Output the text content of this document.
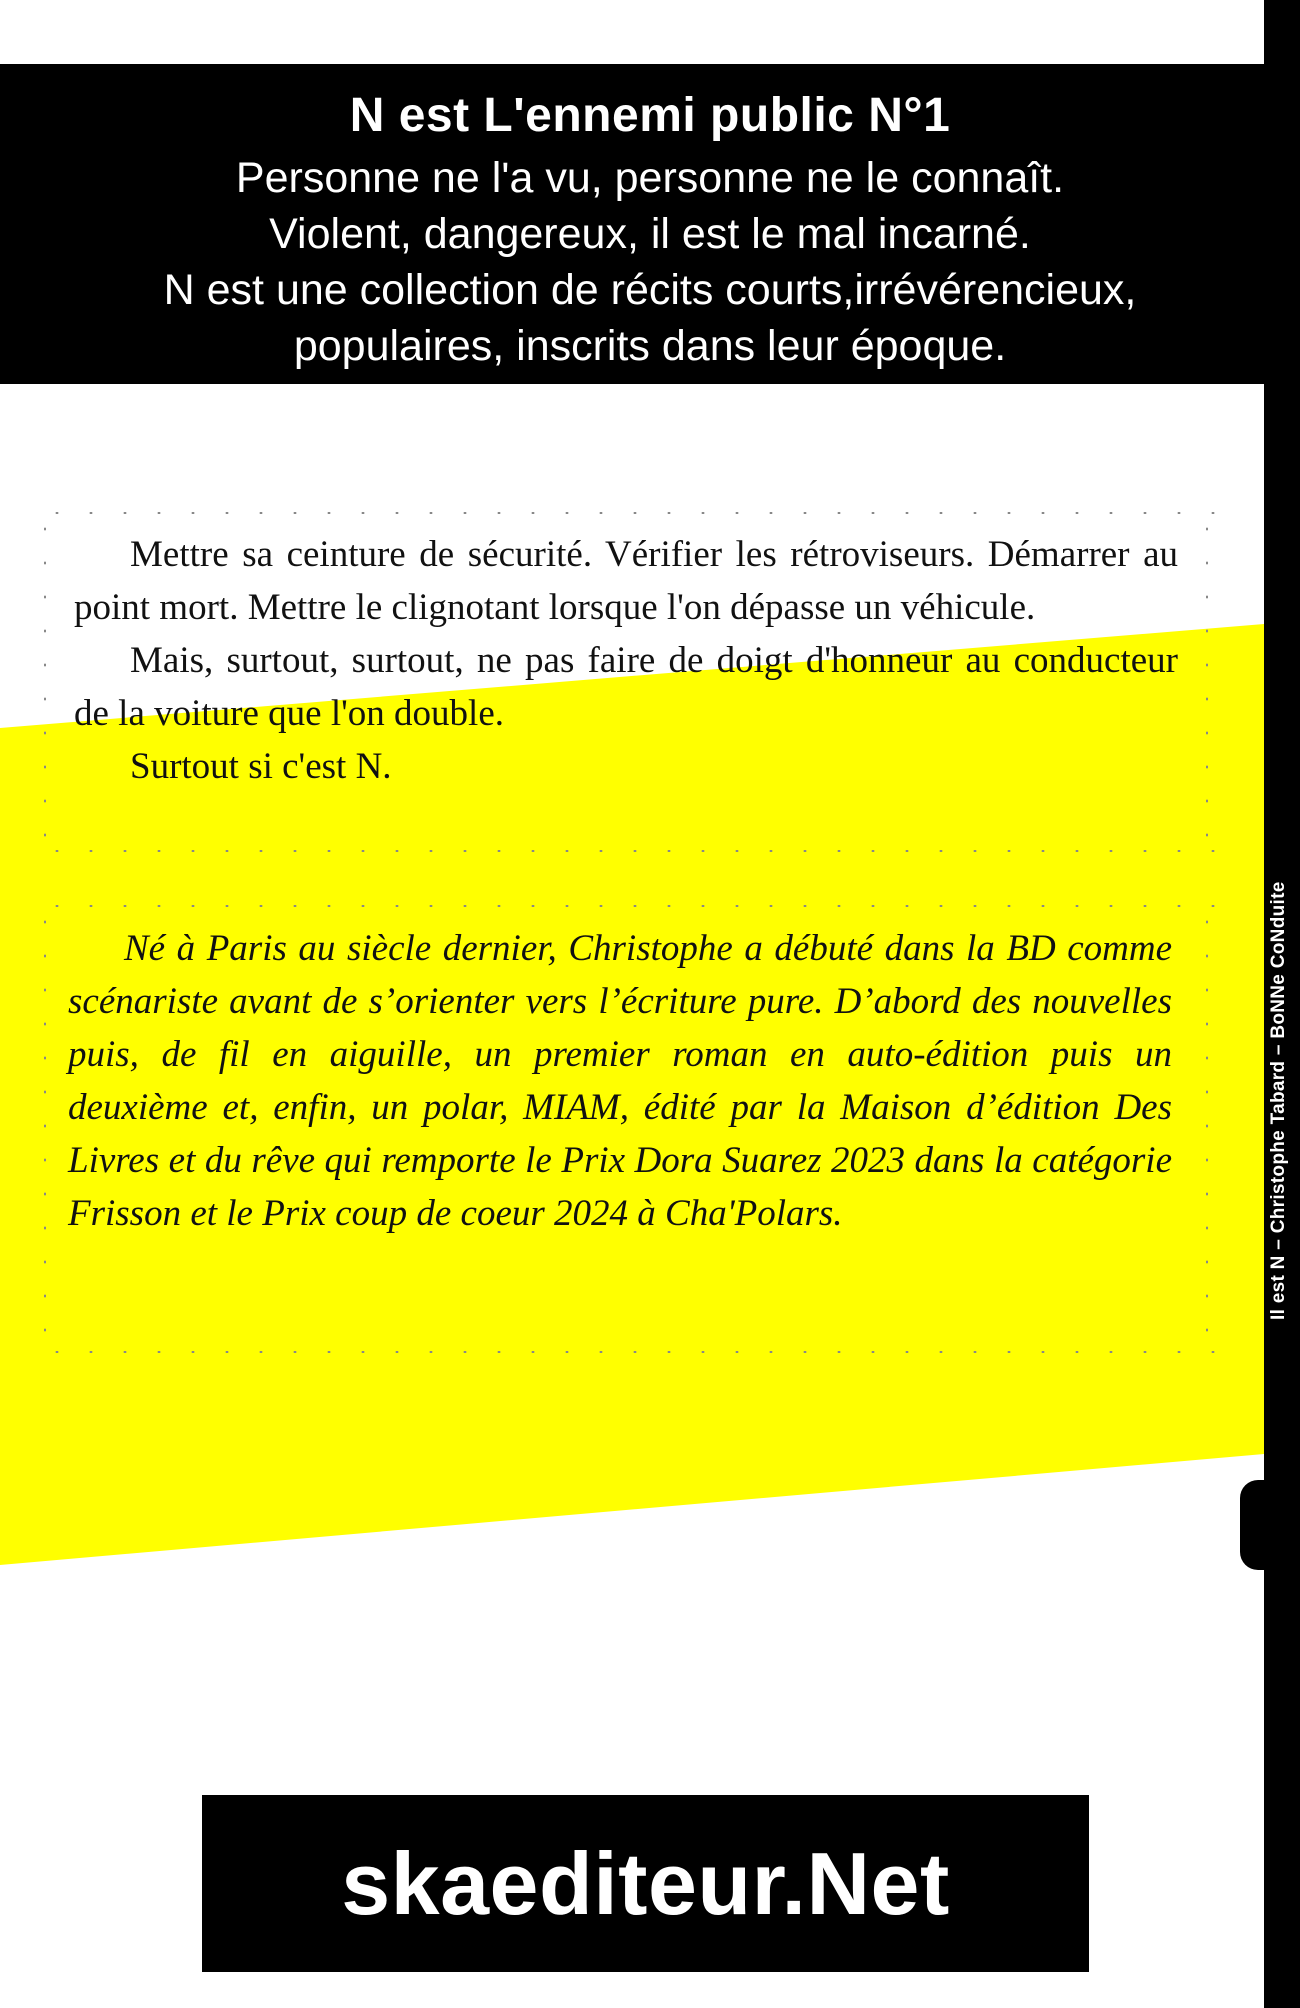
N est L'ennemi public N°1
Personne ne l'a vu, personne ne le connaît.
Violent, dangereux, il est le mal incarné.
N est une collection de récits courts,irrévérencieux,
populaires, inscrits dans leur époque.

Mettre sa ceinture de sécurité. Vérifier les rétroviseurs. Démarrer au point mort. Mettre le clignotant lorsque l'on dépasse un véhicule.

Mais, surtout, surtout, ne pas faire de doigt d'honneur au conducteur de la voiture que l'on double.

Surtout si c'est N.

Né à Paris au siècle dernier, Christophe a débuté dans la BD comme scénariste avant de s’orienter vers l’écriture pure. D’abord des nouvelles puis, de fil en aiguille, un premier roman en auto-édition puis un deuxième et, enfin, un polar, MIAM, édité par la Maison d’édition Des Livres et du rêve qui remporte le Prix Dora Suarez 2023 dans la catégorie Frisson et le Prix coup de coeur 2024 à Cha'Polars.	Il est N – Christophe Tabard – BoNNe CoNduite
skaediteur.Net
